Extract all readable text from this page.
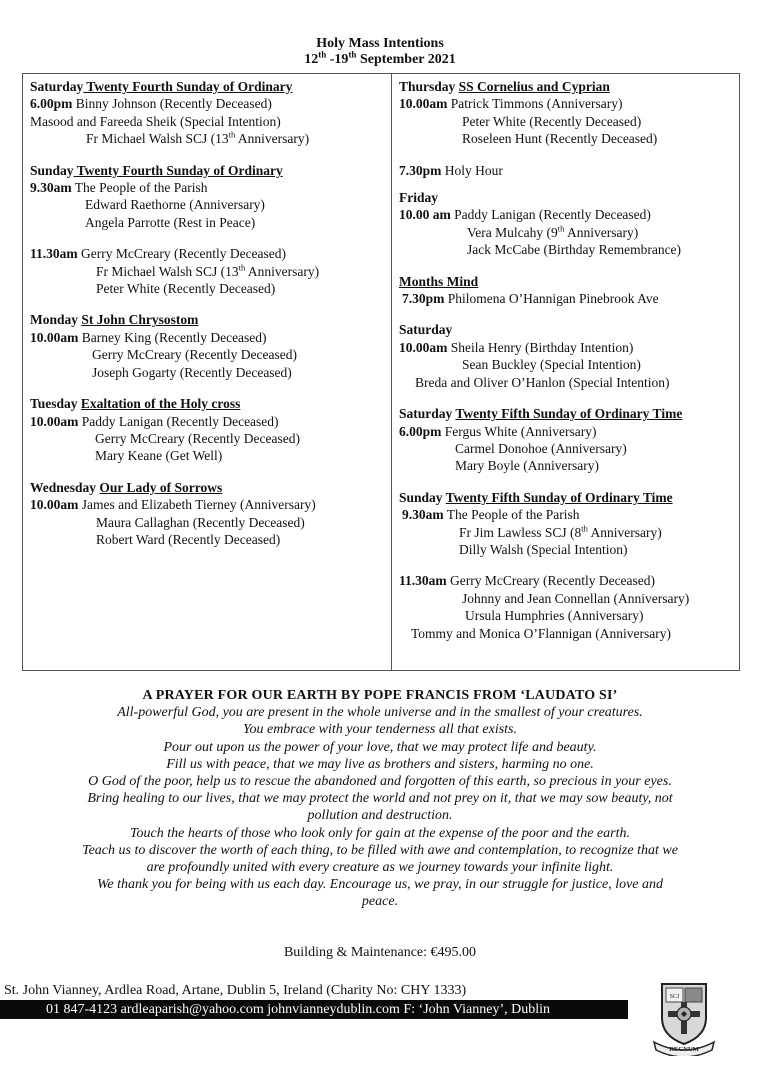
Holy Mass Intentions
12th -19th September 2021
Saturday Twenty Fourth Sunday of Ordinary
6.00pm Binny Johnson (Recently Deceased)
Masood and Fareeda Sheik (Special Intention)
Fr Michael Walsh SCJ (13th Anniversary)
Sunday Twenty Fourth Sunday of Ordinary
9.30am The People of the Parish
Edward Raethorne (Anniversary)
Angela Parrotte (Rest in Peace)
11.30am Gerry McCreary (Recently Deceased)
Fr Michael Walsh SCJ (13th Anniversary)
Peter White (Recently Deceased)
Monday St John Chrysostom
10.00am Barney King (Recently Deceased)
Gerry McCreary (Recently Deceased)
Joseph Gogarty (Recently Deceased)
Tuesday Exaltation of the Holy cross
10.00am Paddy Lanigan (Recently Deceased)
Gerry McCreary (Recently Deceased)
Mary Keane (Get Well)
Wednesday Our Lady of Sorrows
10.00am James and Elizabeth Tierney (Anniversary)
Maura Callaghan (Recently Deceased)
Robert Ward (Recently Deceased)
Thursday SS Cornelius and Cyprian
10.00am Patrick Timmons (Anniversary)
Peter White (Recently Deceased)
Roseleen Hunt (Recently Deceased)
7.30pm Holy Hour
Friday
10.00 am Paddy Lanigan (Recently Deceased)
Vera Mulcahy (9th Anniversary)
Jack McCabe (Birthday Remembrance)
Months Mind
7.30pm Philomena O’Hannigan Pinebrook Ave
Saturday
10.00am Sheila Henry (Birthday Intention)
Sean Buckley (Special Intention)
Breda and Oliver O’Hanlon (Special Intention)
Saturday Twenty Fifth Sunday of Ordinary Time
6.00pm Fergus White (Anniversary)
Carmel Donohoe (Anniversary)
Mary Boyle (Anniversary)
Sunday Twenty Fifth Sunday of Ordinary Time
9.30am The People of the Parish
Fr Jim Lawless SCJ (8th Anniversary)
Dilly Walsh (Special Intention)
11.30am Gerry McCreary (Recently Deceased)
Johnny and Jean Connellan (Anniversary)
Ursula Humphries (Anniversary)
Tommy and Monica O’Flannigan (Anniversary)
A PRAYER FOR OUR EARTH BY POPE FRANCIS FROM ‘LAUDATO SI’
All-powerful God, you are present in the whole universe and in the smallest of your creatures.
You embrace with your tenderness all that exists.
Pour out upon us the power of your love, that we may protect life and beauty.
Fill us with peace, that we may live as brothers and sisters, harming no one.
O God of the poor, help us to rescue the abandoned and forgotten of this earth, so precious in your eyes.
Bring healing to our lives, that we may protect the world and not prey on it, that we may sow beauty, not
pollution and destruction.
Touch the hearts of those who look only for gain at the expense of the poor and the earth.
Teach us to discover the worth of each thing, to be filled with awe and contemplation, to recognize that we
are profoundly united with every creature as we journey towards your infinite light.
We thank you for being with us each day. Encourage us, we pray, in our struggle for justice, love and
peace.
Building & Maintenance: €495.00
St. John Vianney, Ardlea Road, Artane, Dublin 5, Ireland (Charity No: CHY 1333)
01 847-4123 ardleaparish@yahoo.com johnvianneydublin.com F: ‘John Vianney’, Dublin
SCJ
REGNUM
